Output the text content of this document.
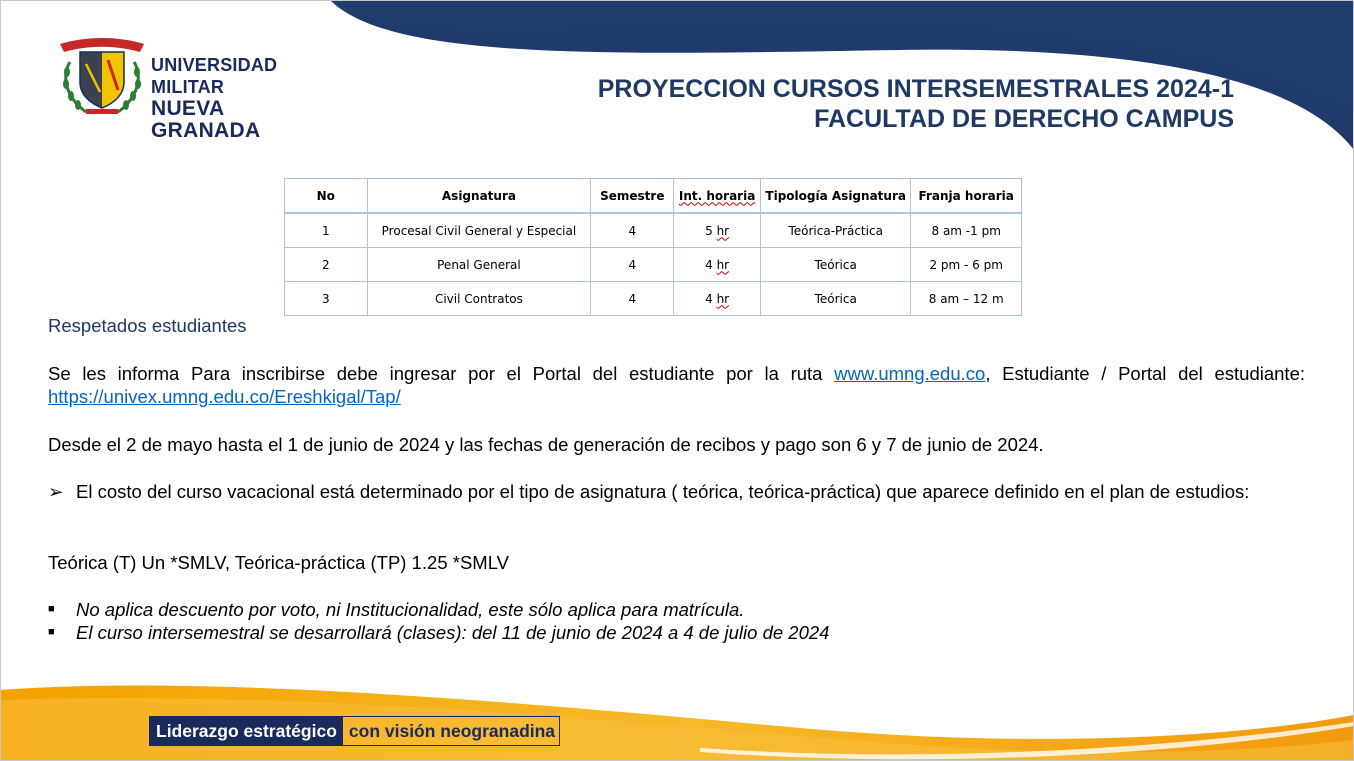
UNIVERSIDAD MILITAR
NUEVA GRANADA
PROYECCION CURSOS INTERSEMESTRALES 2024-1
FACULTAD DE DERECHO CAMPUS
No	Asignatura	Semestre	Int. horaria	Tipología Asignatura	Franja horaria
1	Procesal Civil General y Especial	4	5 hr	Teórica-Práctica	8 am -1 pm
2	Penal General	4	4 hr	Teórica	2 pm - 6 pm
3	Civil Contratos	4	4 hr	Teórica	8 am – 12 m

Respetados estudiantes

Se les informa Para inscribirse debe ingresar por el Portal del estudiante por la ruta www.umng.edu.co, Estudiante / Portal del estudiante: https://univex.umng.edu.co/Ereshkigal/Tap/

Desde el 2 de mayo hasta el 1 de junio de 2024 y las fechas de generación de recibos y pago son 6 y 7 de junio de 2024.

➢ El costo del curso vacacional está determinado por el tipo de asignatura ( teórica, teórica-práctica) que aparece definido en el plan de estudios:

Teórica (T) Un *SMLV, Teórica-práctica (TP) 1.25 *SMLV

■	No aplica descuento por voto, ni Institucionalidad, este sólo aplica para matrícula.
■	El curso intersemestral se desarrollará (clases): del 11 de junio de 2024 a 4 de julio de 2024
Liderazgo estratégico con visión neogranadina
